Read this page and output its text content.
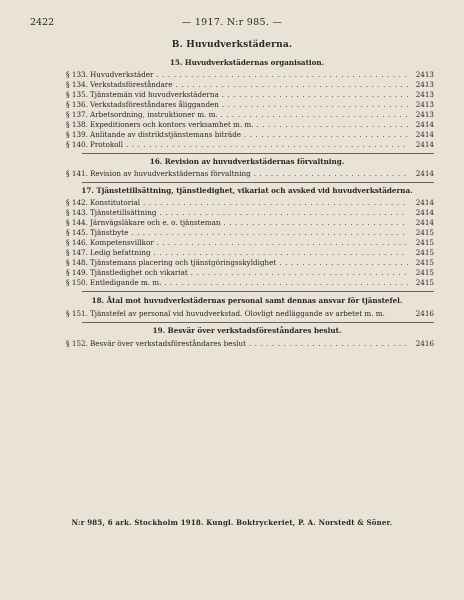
2422	— 1917. N:r 985. —
B. Huvudverkstäderna.
15. Huvudverkstädernas organisation.
§ 133. Huvudverkstäder . . .	2413
§ 134. Verkstadsföreståndare . . .	2413
§ 135. Tjänstemän vid huvudverkstäderna . . .	2413
§ 136. Verkstadsföreståndares åligganden . . .	2413
§ 137. Arbetsordning, instruktioner m. m. . . .	2413
§ 138. Expeditioners och kontors verksamhet m. m. . . .	2414
§ 139. Anlitande av distriktstjänstemans biträde . . .	2414
§ 140. Protokoll . . .	2414
16. Revision av huvudverkstädernas förvaltning.
§ 141. Revision av huvudverkstädernas förvaltning . . .	2414
17. Tjänstetillsättning, tjänstledighet, vikariat och avsked vid huvudverkstäderna.
§ 142. Konstitutorial . . .	2414
§ 143. Tjänstetillsättning . . .	2414
§ 144. Järnvägsläkare och e. o. tjänsteman . . .	2414
§ 145. Tjänstbyte . . .	2415
§ 146. Kompetensvillkor . . .	2415
§ 147. Ledig befattning . . .	2415
§ 148. Tjänstemans placering och tjänstgöringsskyldighet . . .	2415
§ 149. Tjänstledighet och vikariat . . .	2415
§ 150. Entledigande m. m. . . .	2415
18. Åtal mot huvudverkstädernas personal samt dennas ansvar för tjänstefel.
§ 151. Tjänstefel av personal vid huvudverkstad. Olovligt nedläggande av arbetet m. m.	2416
19. Besvär över verkstadsföreståndares beslut.
§ 152. Besvär över verkstadsföreståndares beslut . . .	2416
N:r 985, 6 ark. Stockholm 1918. Kungl. Boktryckeriet, P. A. Norstedt & Söner.
